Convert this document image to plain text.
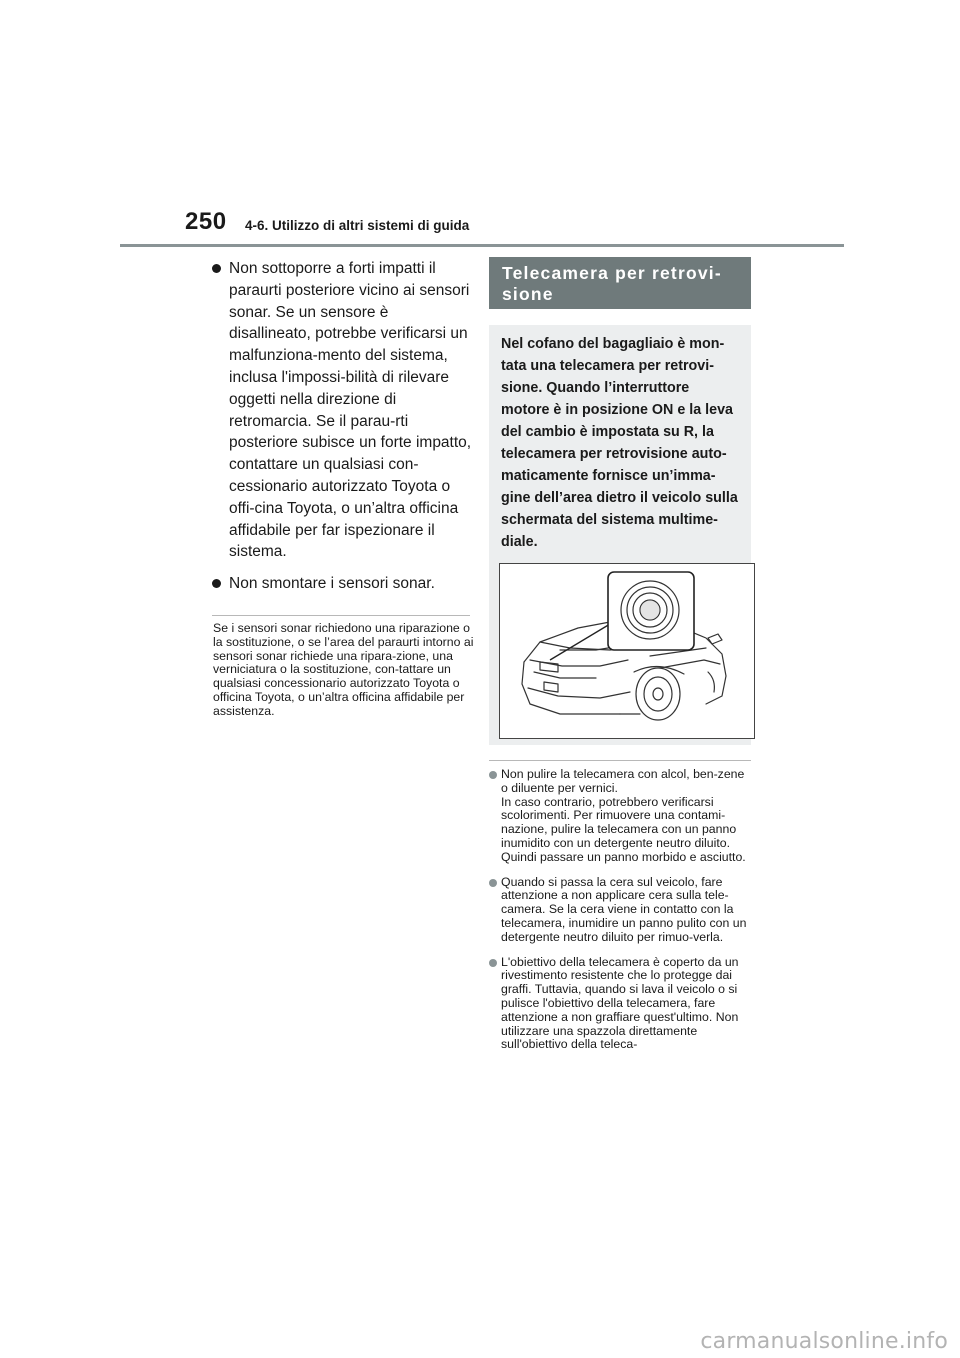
250 4-6. Utilizzo di altri sistemi di guida
Non sottoporre a forti impatti il paraurti posteriore vicino ai sensori sonar. Se un sensore è disallineato, potrebbe verificarsi un malfunziona-mento del sistema, inclusa l'impossi-bilità di rilevare oggetti nella direzione di retromarcia. Se il parau-rti posteriore subisce un forte impatto, contattare un qualsiasi con-cessionario autorizzato Toyota o offi-cina Toyota, o un’altra officina affidabile per far ispezionare il sistema.
Non smontare i sensori sonar.
Se i sensori sonar richiedono una riparazione o la sostituzione, o se l’area del paraurti intorno ai sensori sonar richiede una ripara-zione, una verniciatura o la sostituzione, con-tattare un qualsiasi concessionario autorizzato Toyota o officina Toyota, o un’altra officina affidabile per assistenza.
Telecamera per retrovi-sione
Nel cofano del bagagliaio è mon-tata una telecamera per retrovi-sione. Quando l’interruttore motore è in posizione ON e la leva del cambio è impostata su R, la telecamera per retrovisione auto-maticamente fornisce un’imma-gine dell’area dietro il veicolo sulla schermata del sistema multime-diale.
Non pulire la telecamera con alcol, ben-zene o diluente per vernici.
In caso contrario, potrebbero verificarsi scolorimenti. Per rimuovere una contami-nazione, pulire la telecamera con un panno inumidito con un detergente neutro diluito. Quindi passare un panno morbido e asciutto.
Quando si passa la cera sul veicolo, fare attenzione a non applicare cera sulla tele-camera. Se la cera viene in contatto con la telecamera, inumidire un panno pulito con un detergente neutro diluito per rimuo-verla.
L'obiettivo della telecamera è coperto da un rivestimento resistente che lo protegge dai graffi. Tuttavia, quando si lava il veicolo o si pulisce l'obiettivo della telecamera, fare attenzione a non graffiare quest'ultimo. Non utilizzare una spazzola direttamente sull'obiettivo della teleca-
carmanualsonline.info
